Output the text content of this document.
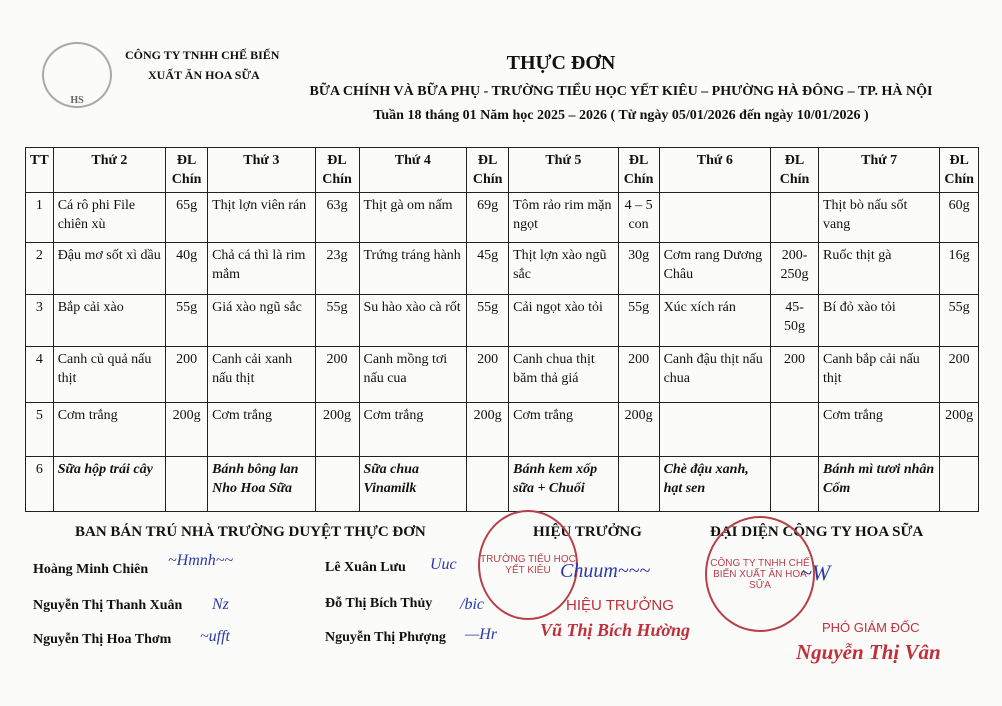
HS
CÔNG TY TNHH CHẾ BIẾN
XUẤT ĂN HOA SỮA
THỰC ĐƠN
BỮA CHÍNH VÀ BỮA PHỤ - TRƯỜNG TIỂU HỌC YẾT KIÊU – PHƯỜNG HÀ ĐÔNG – TP. HÀ NỘI
Tuần 18 tháng 01 Năm học 2025 – 2026 ( Từ ngày 05/01/2026 đến ngày 10/01/2026 )
TT	Thứ 2	ĐL Chín	Thứ 3	ĐL Chín	Thứ 4	ĐL Chín	Thứ 5	ĐL Chín	Thứ 6	ĐL Chín	Thứ 7	ĐL Chín
1	Cá rô phi File chiên xù	65g	Thịt lợn viên rán	63g	Thịt gà om nấm	69g	Tôm rảo rim mặn ngọt	4 – 5 con			Thịt bò nấu sốt vang	60g
2	Đậu mơ sốt xì dầu	40g	Chả cá thì là rim mắm	23g	Trứng tráng hành	45g	Thịt lợn xào ngũ sắc	30g	Cơm rang Dương Châu	200-250g	Ruốc thịt gà	16g
3	Bắp cải xào	55g	Giá xào ngũ sắc	55g	Su hào xào cà rốt	55g	Cải ngọt xào tỏi	55g	Xúc xích rán	45-50g	Bí đỏ xào tỏi	55g
4	Canh củ quả nấu thịt	200	Canh cải xanh nấu thịt	200	Canh mồng tơi nấu cua	200	Canh chua thịt băm thả giá	200	Canh đậu thịt nấu chua	200	Canh bắp cải nấu thịt	200
5	Cơm trắng	200g	Cơm trắng	200g	Cơm trắng	200g	Cơm trắng	200g			Cơm trắng	200g
6	Sữa hộp trái cây		Bánh bông lan Nho Hoa Sữa		Sữa chua Vinamilk		Bánh kem xốp sữa + Chuối		Chè đậu xanh, hạt sen		Bánh mì tươi nhân Cốm	
BAN BÁN TRÚ NHÀ TRƯỜNG DUYỆT THỰC ĐƠN	HIỆU TRƯỞNG	ĐẠI DIỆN CÔNG TY HOA SỮA
Hoàng Minh Chiên
Nguyễn Thị Thanh Xuân
Nguyễn Thị Hoa Thơm
Lê Xuân Lưu
Đỗ Thị Bích Thủy
Nguyễn Thị Phượng
~Hmnh~~
Nz
~ufft
Uuc
/bic
—Hr
TRƯỜNG TIỂU HỌC YẾT KIÊU Chuum~~~
HIỆU TRƯỞNG
Vũ Thị Bích Hường
CÔNG TY TNHH CHẾ BIẾN XUẤT ĂN HOA SỮA	~W
PHÓ GIÁM ĐỐC
Nguyễn Thị Vân
